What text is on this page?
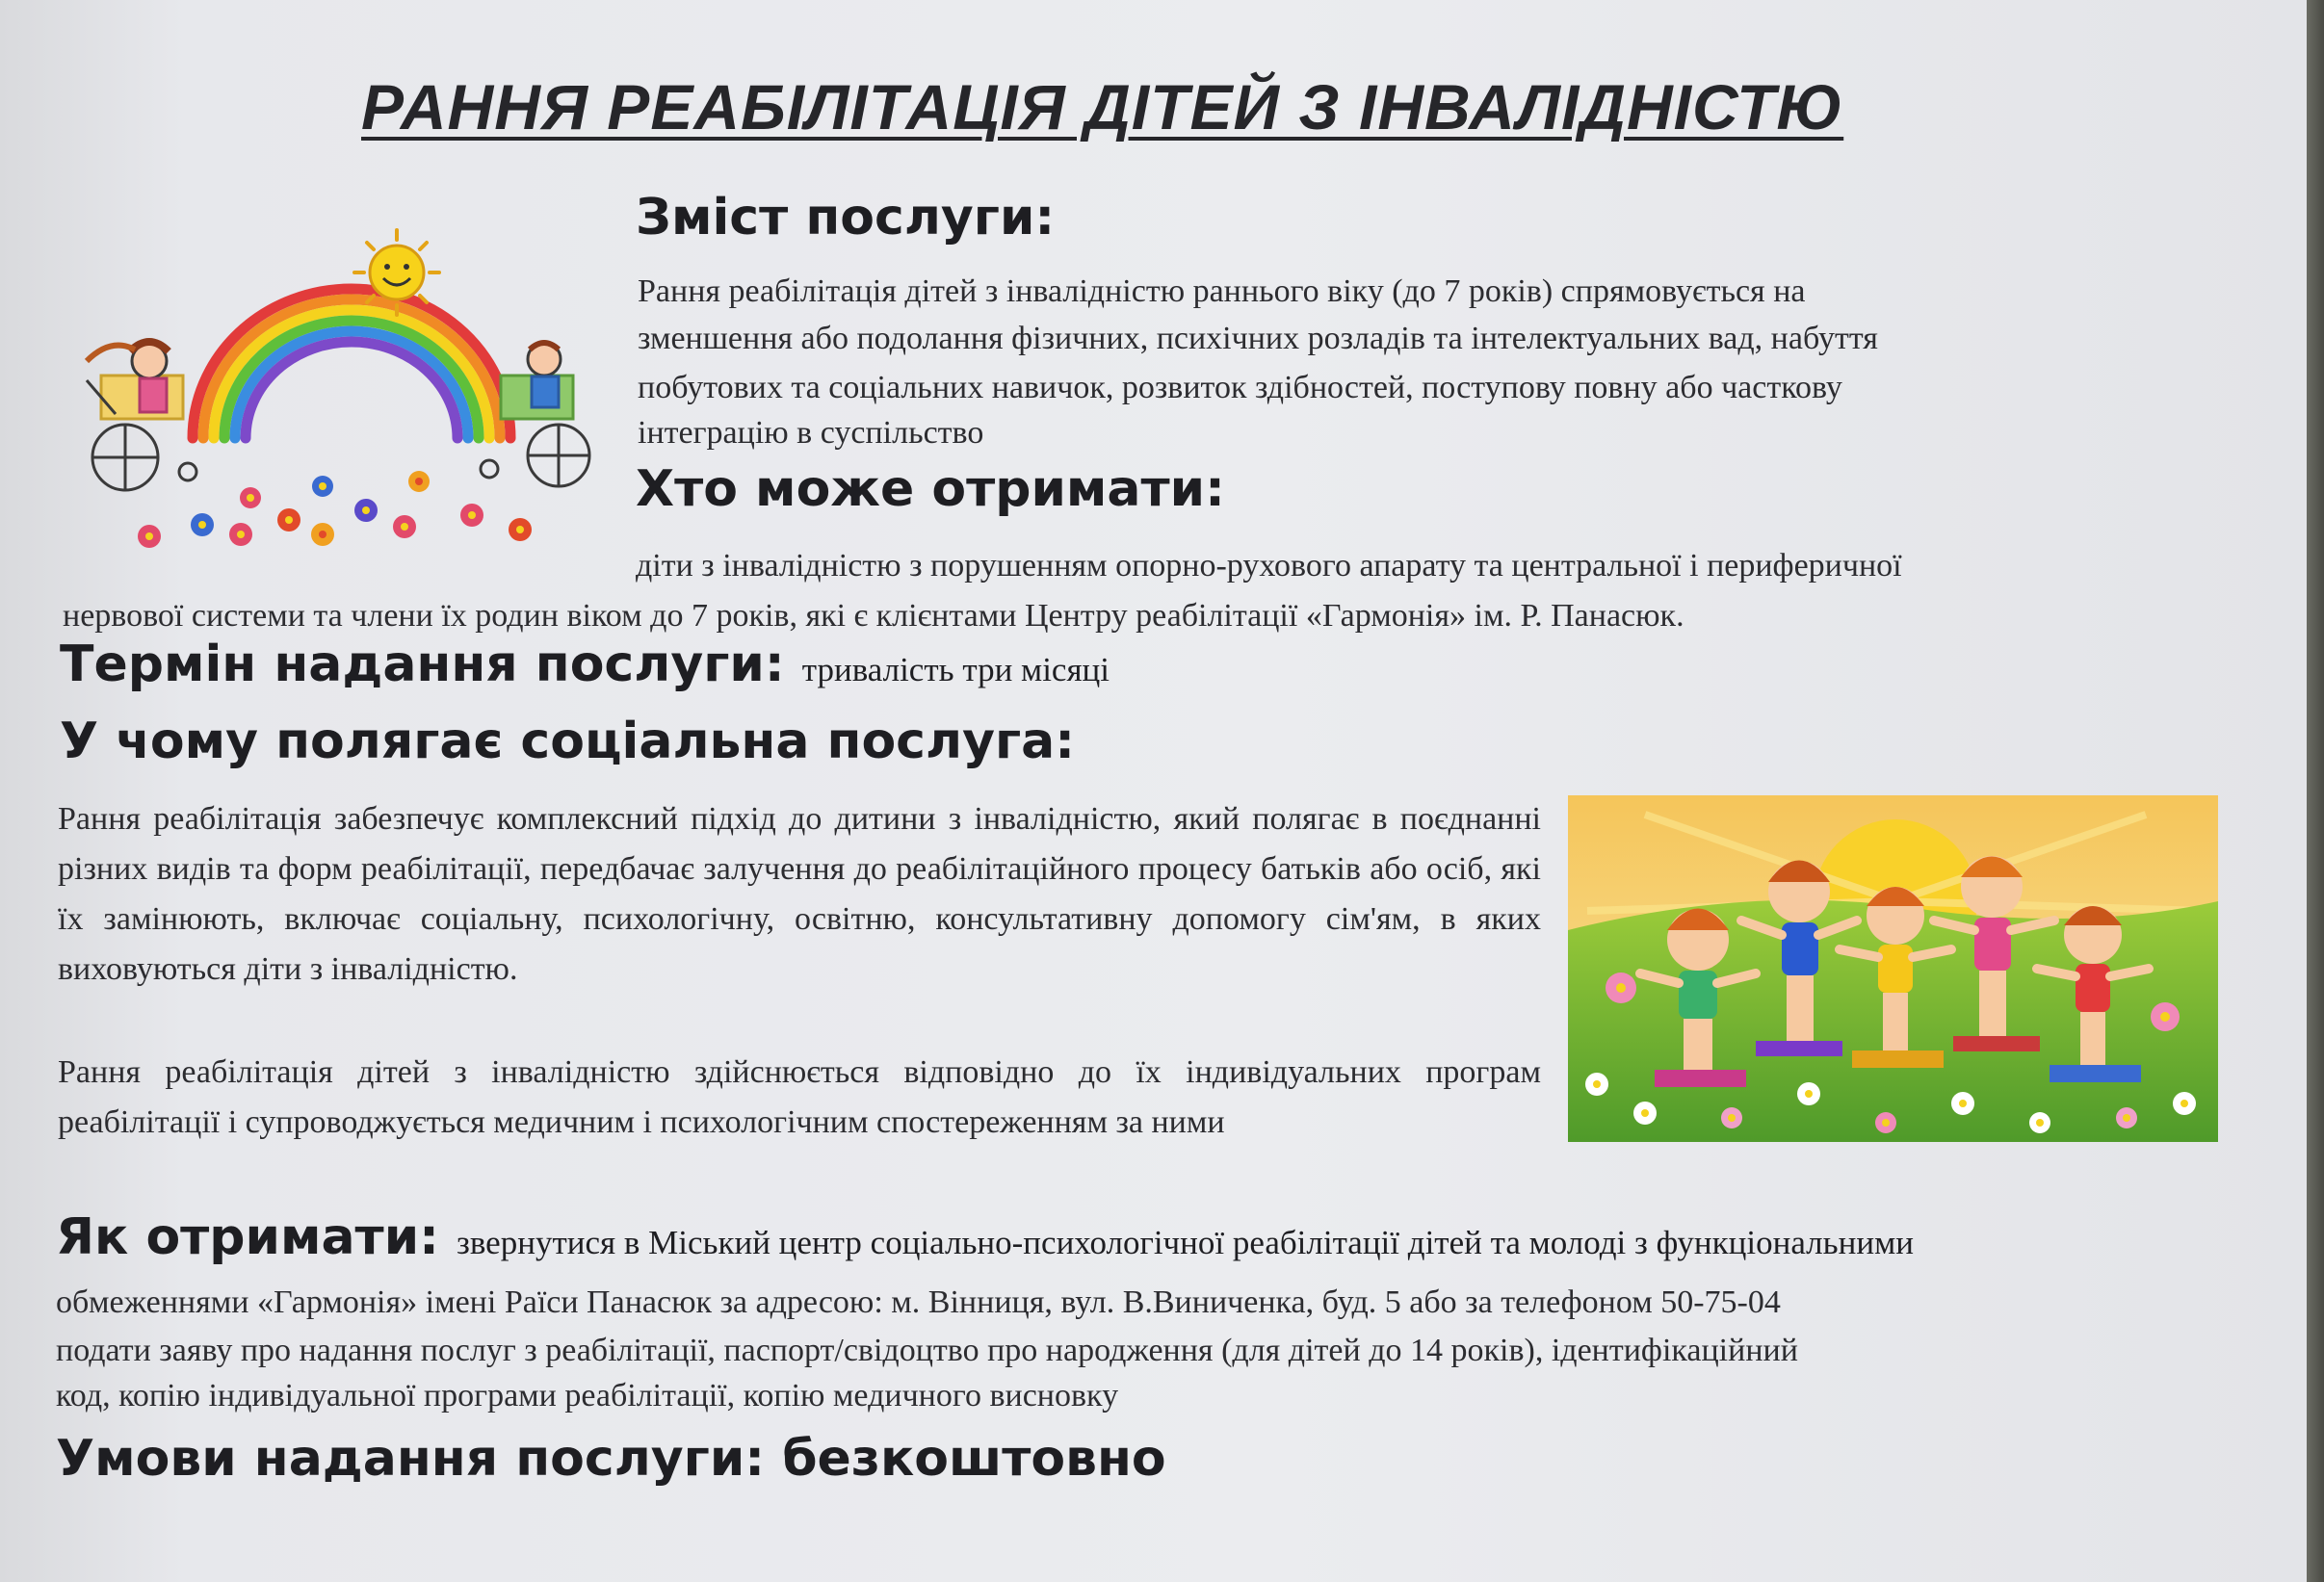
РАННЯ РЕАБІЛІТАЦІЯ ДІТЕЙ З ІНВАЛІДНІСТЮ
Зміст послуги:
Рання реабілітація дітей з інвалідністю раннього віку (до 7 років) спрямовується на
зменшення або подолання фізичних, психічних розладів та інтелектуальних вад, набуття
побутових та соціальних навичок, розвиток здібностей, поступову повну або часткову
інтеграцію в суспільство
Хто може отримати:
діти з інвалідністю з порушенням опорно-рухового апарату та центральної і периферичної
нервової системи та члени їх родин віком до 7 років, які є клієнтами Центру реабілітації «Гармонія» ім. Р. Панасюк.
Термін надання послуги: тривалість три місяці
У чому полягає соціальна послуга:
Рання реабілітація забезпечує комплексний підхід до дитини з інвалідністю, який полягає в поєднанні різних видів та форм реабілітації, передбачає залучення до реабілітаційного процесу батьків або осіб, які їх замінюють, включає соціальну, психологічну, освітню, консультативну допомогу сім'ям, в яких виховуються діти з інвалідністю.
Рання реабілітація дітей з інвалідністю здійснюється відповідно до їх індивідуальних програм реабілітації і супроводжується медичним і психологічним спостереженням за ними
Як отримати: звернутися в Міський центр соціально-психологічної реабілітації дітей та молоді з функціональними
обмеженнями «Гармонія» імені Раїси Панасюк за адресою: м. Вінниця, вул. В.Виниченка, буд. 5 або за телефоном 50-75-04
подати заяву про надання послуг з реабілітації, паспорт/свідоцтво про народження (для дітей до 14 років), ідентифікаційний
код, копію індивідуальної програми реабілітації, копію медичного висновку
Умови надання послуги: безкоштовно
